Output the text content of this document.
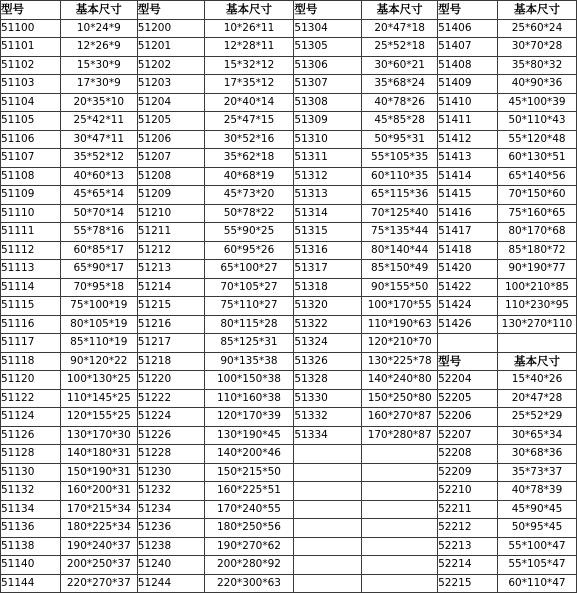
型号	基本尺寸	型号	基本尺寸	型号	基本尺寸	型号	基本尺寸
51100	10*24*9	51200	10*26*11	51304	20*47*18	51406	25*60*24
51101	12*26*9	51201	12*28*11	51305	25*52*18	51407	30*70*28
51102	15*30*9	51202	15*32*12	51306	30*60*21	51408	35*80*32
51103	17*30*9	51203	17*35*12	51307	35*68*24	51409	40*90*36
51104	20*35*10	51204	20*40*14	51308	40*78*26	51410	45*100*39
51105	25*42*11	51205	25*47*15	51309	45*85*28	51411	50*110*43
51106	30*47*11	51206	30*52*16	51310	50*95*31	51412	55*120*48
51107	35*52*12	51207	35*62*18	51311	55*105*35	51413	60*130*51
51108	40*60*13	51208	40*68*19	51312	60*110*35	51414	65*140*56
51109	45*65*14	51209	45*73*20	51313	65*115*36	51415	70*150*60
51110	50*70*14	51210	50*78*22	51314	70*125*40	51416	75*160*65
51111	55*78*16	51211	55*90*25	51315	75*135*44	51417	80*170*68
51112	60*85*17	51212	60*95*26	51316	80*140*44	51418	85*180*72
51113	65*90*17	51213	65*100*27	51317	85*150*49	51420	90*190*77
51114	70*95*18	51214	70*105*27	51318	90*155*50	51422	100*210*85
51115	75*100*19	51215	75*110*27	51320	100*170*55	51424	110*230*95
51116	80*105*19	51216	80*115*28	51322	110*190*63	51426	130*270*110
51117	85*110*19	51217	85*125*31	51324	120*210*70		
51118	90*120*22	51218	90*135*38	51326	130*225*78	型号	基本尺寸
51120	100*130*25	51220	100*150*38	51328	140*240*80	52204	15*40*26
51122	110*145*25	51222	110*160*38	51330	150*250*80	52205	20*47*28
51124	120*155*25	51224	120*170*39	51332	160*270*87	52206	25*52*29
51126	130*170*30	51226	130*190*45	51334	170*280*87	52207	30*65*34
51128	140*180*31	51228	140*200*46			52208	30*68*36
51130	150*190*31	51230	150*215*50			52209	35*73*37
51132	160*200*31	51232	160*225*51			52210	40*78*39
51134	170*215*34	51234	170*240*55			52211	45*90*45
51136	180*225*34	51236	180*250*56			52212	50*95*45
51138	190*240*37	51238	190*270*62			52213	55*100*47
51140	200*250*37	51240	200*280*92			52214	55*105*47
51144	220*270*37	51244	220*300*63			52215	60*110*47
